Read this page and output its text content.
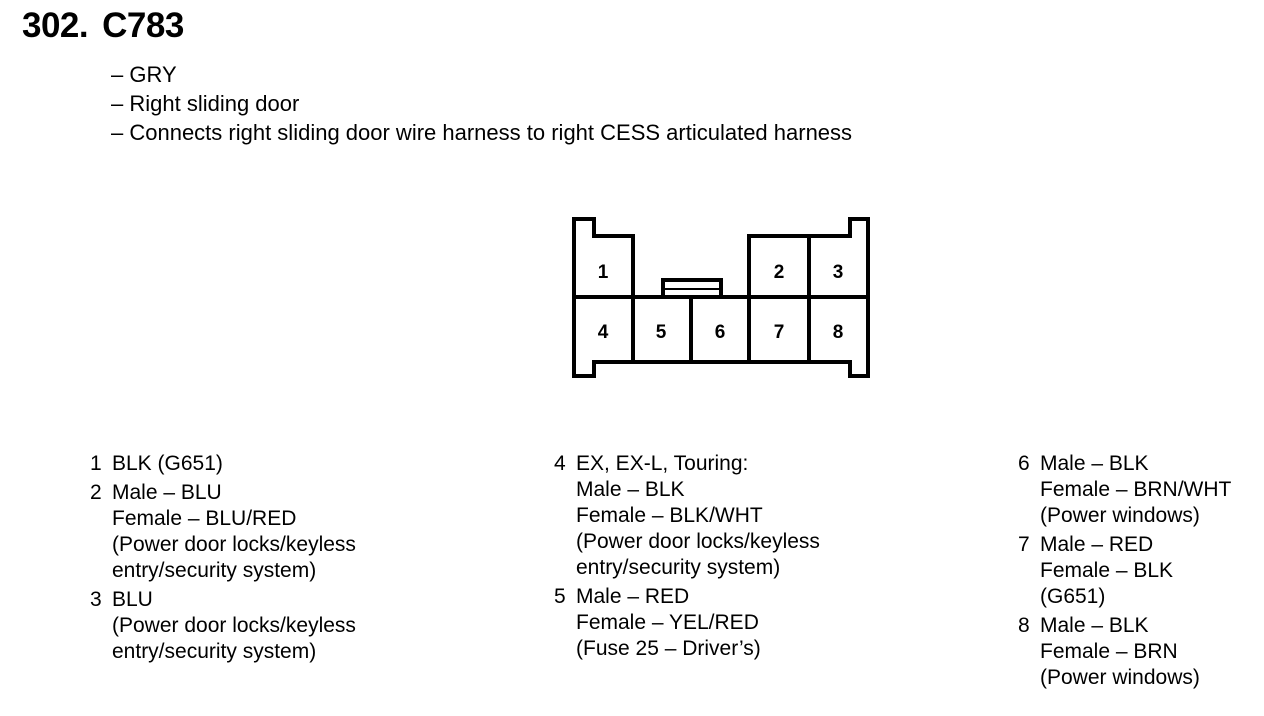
302. C783
– GRY
– Right sliding door
– Connects right sliding door wire harness to right CESS articulated harness
1	2	3
4 5	6	7	8
1 BLK (G651)
2 Male – BLU
Female – BLU/RED
(Power door locks/keyless
entry/security system)
3 BLU
(Power door locks/keyless
entry/security system)
4 EX, EX-L, Touring:
Male – BLK
Female – BLK/WHT
(Power door locks/keyless
entry/security system)
5 Male – RED
Female – YEL/RED
(Fuse 25 – Driver’s)
6 Male – BLK
Female – BRN/WHT
(Power windows)
7 Male – RED
Female – BLK
(G651)
8 Male – BLK
Female – BRN
(Power windows)
